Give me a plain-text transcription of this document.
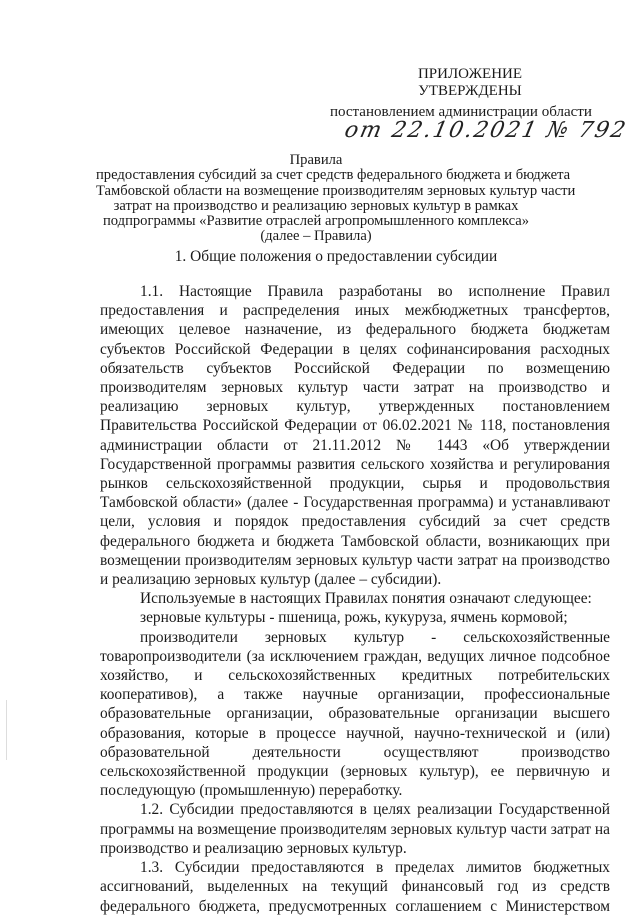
ПРИЛОЖЕНИЕ
УТВЕРЖДЕНЫ
постановлением администрации области
от 22.10.2021 № 792
Правила
предоставления субсидий за счет средств федерального бюджета и бюджета
Тамбовской области на возмещение производителям зерновых культур части
затрат на производство и реализацию зерновых культур в рамках
подпрограммы «Развитие отраслей агропромышленного комплекса»
(далее – Правила)
1. Общие положения о предоставлении субсидии
1.1. Настоящие Правила разработаны во исполнение Правил
предоставления и распределения иных межбюджетных трансфертов,
имеющих целевое назначение, из федерального бюджета бюджетам
субъектов Российской Федерации в целях софинансирования расходных
обязательств субъектов Российской Федерации по возмещению
производителям зерновых культур части затрат на производство и
реализацию зерновых культур, утвержденных постановлением
Правительства Российской Федерации от 06.02.2021 № 118, постановления
администрации области от 21.11.2012 № 1443 «Об утверждении
Государственной программы развития сельского хозяйства и регулирования
рынков сельскохозяйственной продукции, сырья и продовольствия
Тамбовской области» (далее - Государственная программа) и устанавливают
цели, условия и порядок предоставления субсидий за счет средств
федерального бюджета и бюджета Тамбовской области, возникающих при
возмещении производителям зерновых культур части затрат на производство
и реализацию зерновых культур (далее – субсидии).
Используемые в настоящих Правилах понятия означают следующее:
зерновые культуры - пшеница, рожь, кукуруза, ячмень кормовой;
производители зерновых культур - сельскохозяйственные
товаропроизводители (за исключением граждан, ведущих личное подсобное
хозяйство, и сельскохозяйственных кредитных потребительских
кооперативов), а также научные организации, профессиональные
образовательные организации, образовательные организации высшего
образования, которые в процессе научной, научно-технической и (или)
образовательной деятельности осуществляют производство
сельскохозяйственной продукции (зерновых культур), ее первичную и
последующую (промышленную) переработку.
1.2. Субсидии предоставляются в целях реализации Государственной
программы на возмещение производителям зерновых культур части затрат на
производство и реализацию зерновых культур.
1.3. Субсидии предоставляются в пределах лимитов бюджетных
ассигнований, выделенных на текущий финансовый год из средств
федерального бюджета, предусмотренных соглашением с Министерством
